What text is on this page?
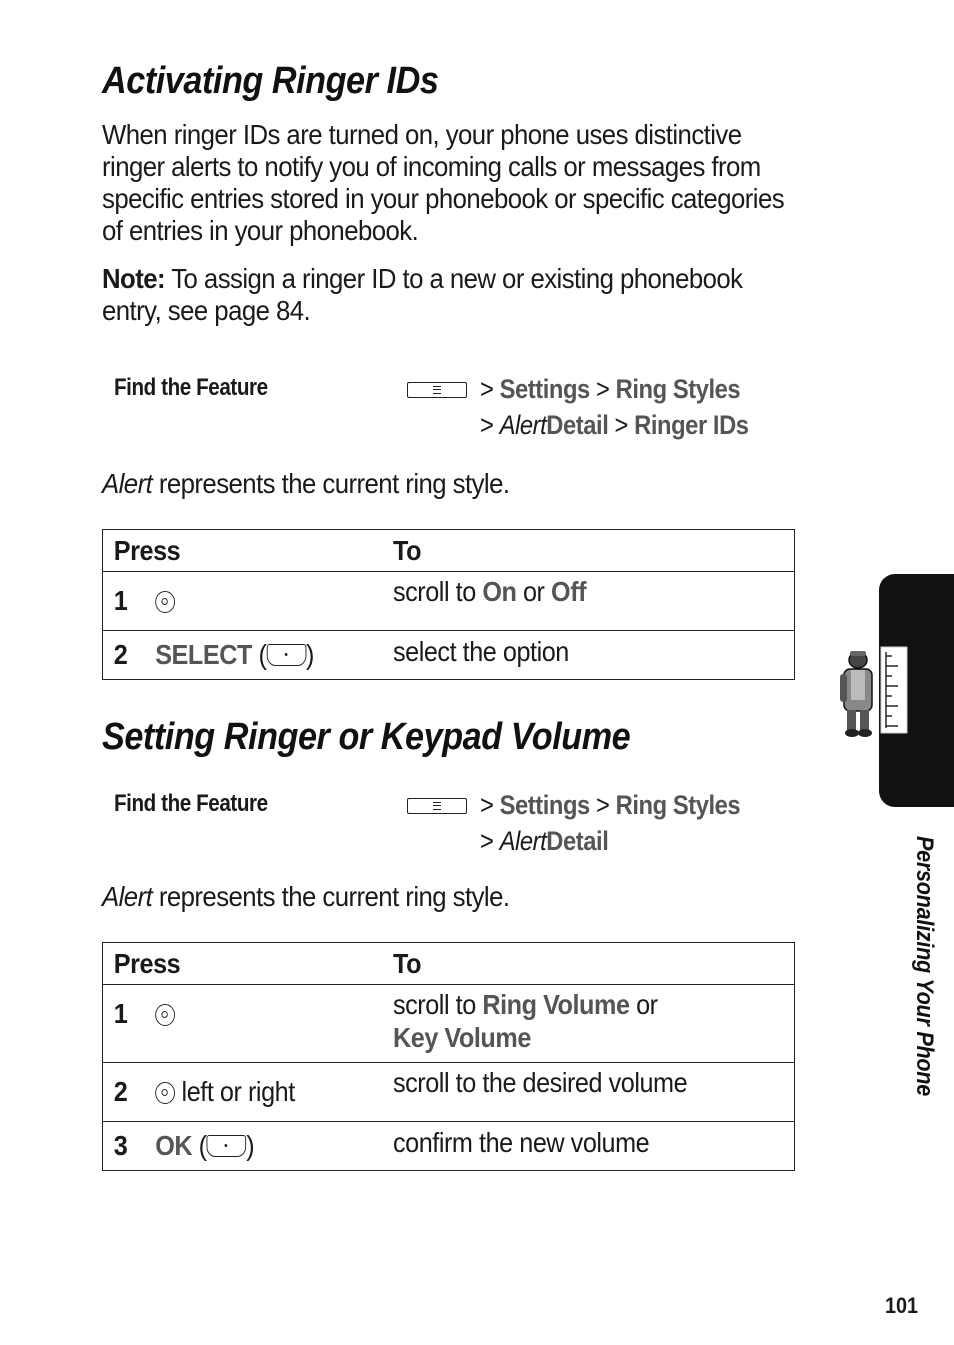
Activating Ringer IDs

When ringer IDs are turned on, your phone uses distinctive ringer alerts to notify you of incoming calls or messages from specific entries stored in your phonebook or specific categories of entries in your phonebook.

Note: To assign a ringer ID to a new or existing phonebook entry, see page 84.

Find the Feature	> Settings > Ring Styles
> AlertDetail > Ringer IDs

Alert represents the current ring style.

Press	To

1	scroll to On or Off

2 SELECT ( )	select the option
Setting Ringer or Keypad Volume
Find the Feature	> Settings > Ring Styles
> AlertDetail

Alert represents the current ring style.

Press	To

1	scroll to Ring Volume or
Key Volume

2 left or right	scroll to the desired volume

3 OK ( )	confirm the new volume
Personalizing Your Phone
101
